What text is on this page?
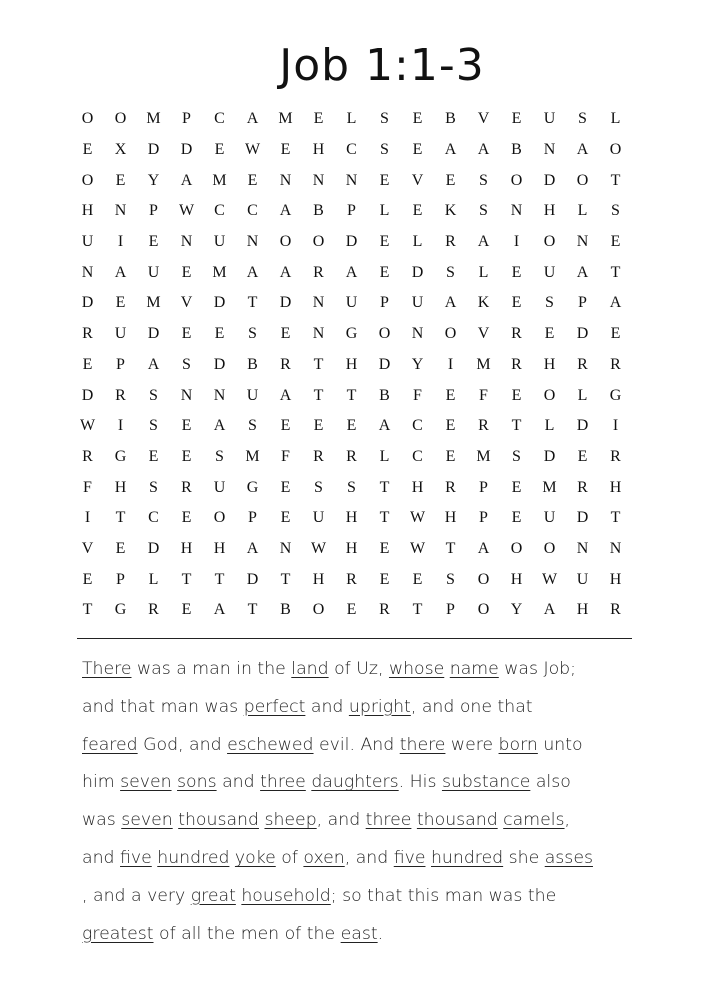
Job 1:1-3
O	O	M	P	C	A	M	E	L	S	E	B	V	E	U	S	L
E	X	D	D	E	W	E	H	C	S	E	A	A	B	N	A	O
O	E	Y	A	M	E	N	N	N	E	V	E	S	O	D	O	T
H	N	P	W	C	C	A	B	P	L	E	K	S	N	H	L	S
U	I	E	N	U	N	O	O	D	E	L	R	A	I	O	N	E
N	A	U	E	M	A	A	R	A	E	D	S	L	E	U	A	T
D	E	M	V	D	T	D	N	U	P	U	A	K	E	S	P	A
R	U	D	E	E	S	E	N	G	O	N	O	V	R	E	D	E
E	P	A	S	D	B	R	T	H	D	Y	I	M	R	H	R	R
D	R	S	N	N	U	A	T	T	B	F	E	F	E	O	L	G
W	I	S	E	A	S	E	E	E	A	C	E	R	T	L	D	I
R	G	E	E	S	M	F	R	R	L	C	E	M	S	D	E	R
F	H	S	R	U	G	E	S	S	T	H	R	P	E	M	R	H
I	T	C	E	O	P	E	U	H	T	W	H	P	E	U	D	T
V	E	D	H	H	A	N	W	H	E	W	T	A	O	O	N	N
E	P	L	T	T	D	T	H	R	E	E	S	O	H	W	U	H
T	G	R	E	A	T	B	O	E	R	T	P	O	Y	A	H	R

There was a man in the land of Uz, whose name was Job;

and that man was perfect and upright, and one that

feared God, and eschewed evil. And there were born unto

him seven sons and three daughters. His substance also

was seven thousand sheep, and three thousand camels,

and five hundred yoke of oxen, and five hundred she asses

, and a very great household; so that this man was the

greatest of all the men of the east.
